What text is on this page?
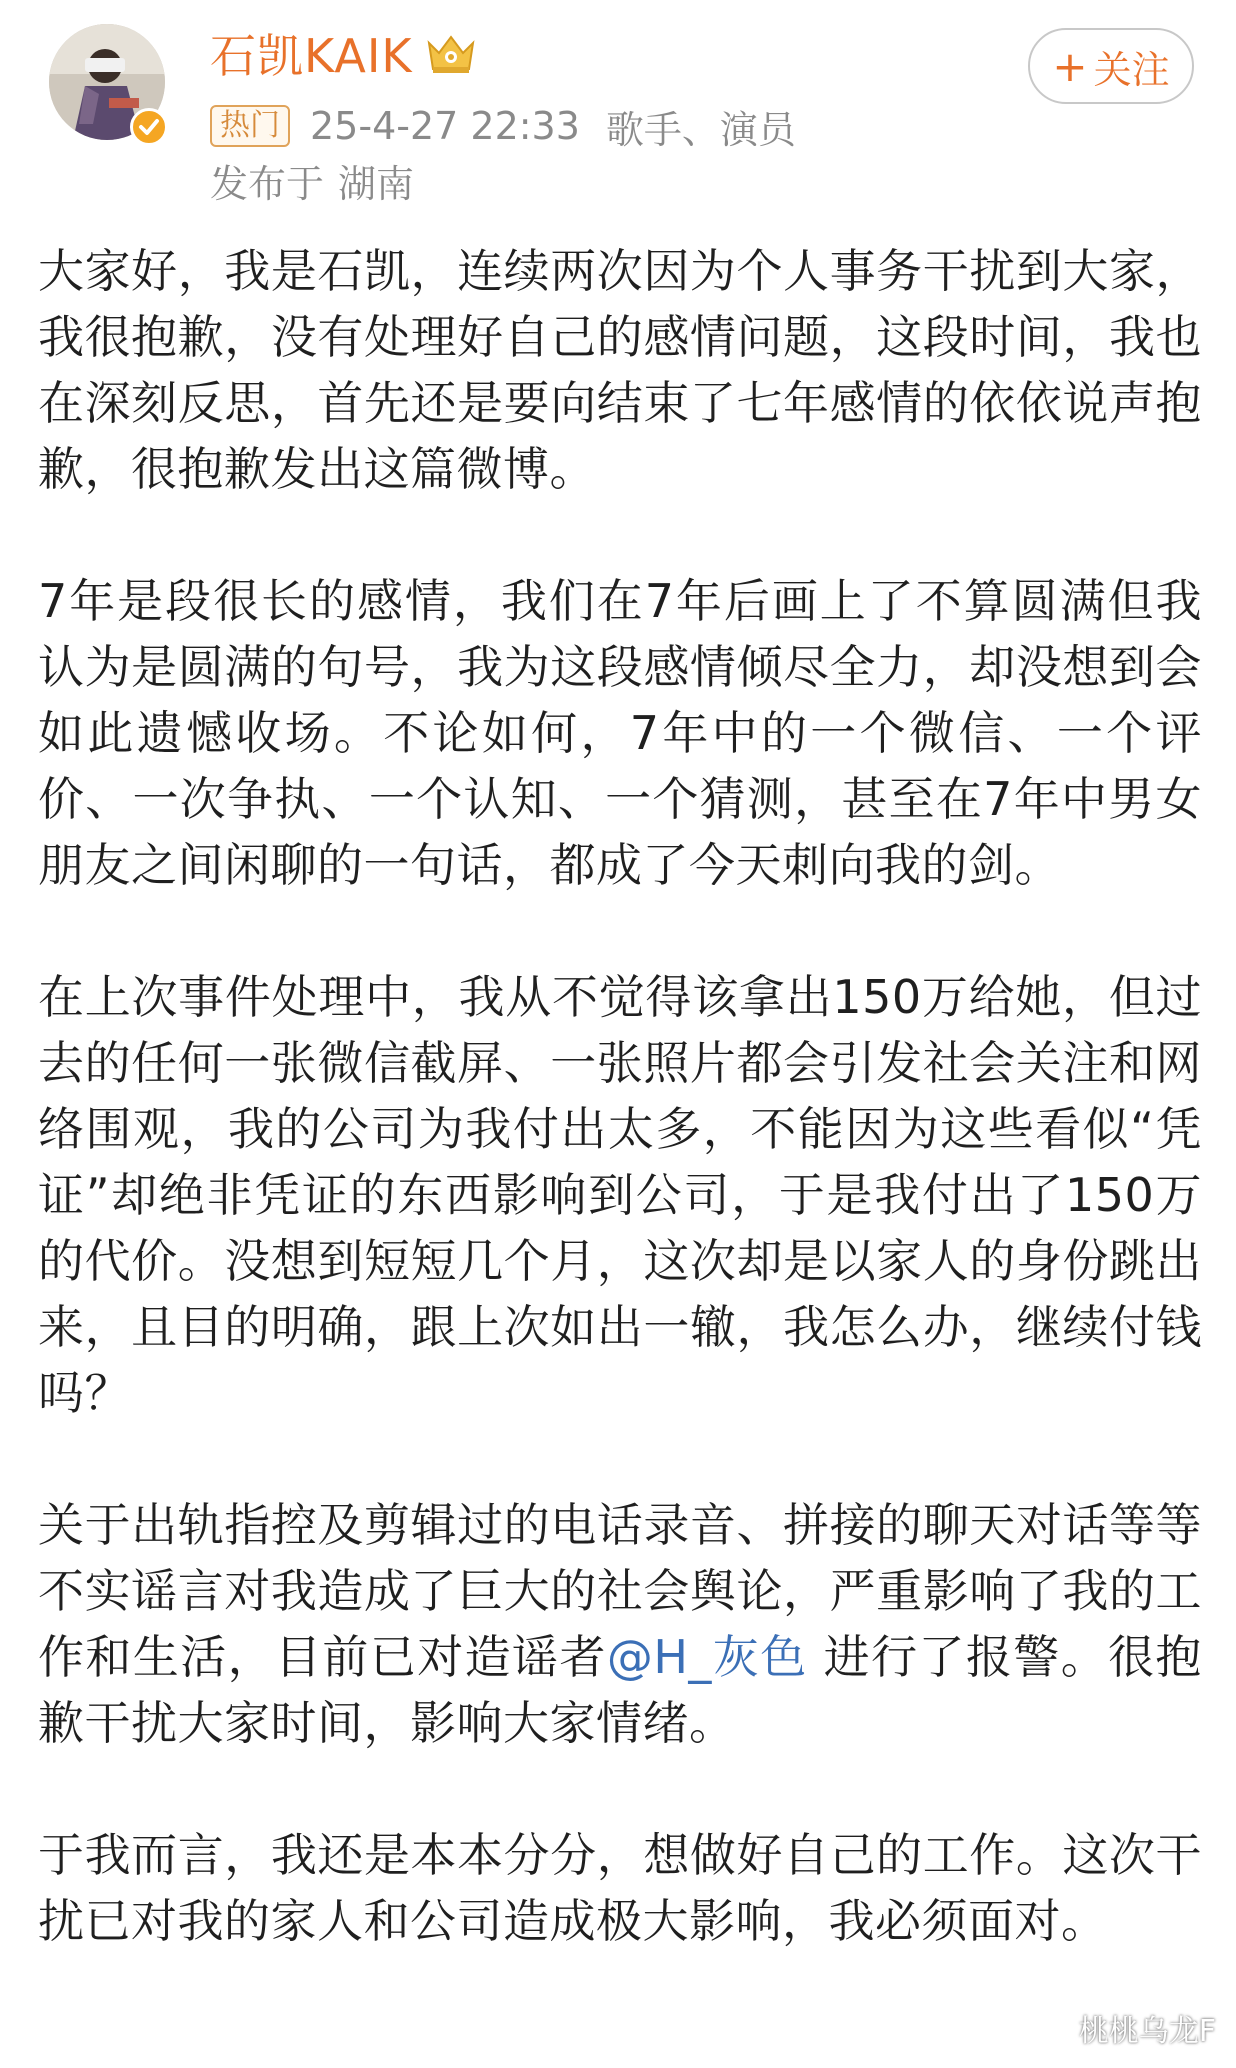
石凯KAIK
热门 25-4-27 22:33 歌手、演员
发布于 湖南
+ 关注

大家好，我是石凯，连续两次因为个人事务干扰到大家，我很抱歉，没有处理好自己的感情问题，这段时间，我也在深刻反思，首先还是要向结束了七年感情的依依说声抱歉，很抱歉发出这篇微博。

7年是段很长的感情，我们在7年后画上了不算圆满但我认为是圆满的句号，我为这段感情倾尽全力，却没想到会如此遗憾收场。不论如何，7年中的一个微信、一个评价、一次争执、一个认知、一个猜测，甚至在7年中男女朋友之间闲聊的一句话，都成了今天刺向我的剑。

在上次事件处理中，我从不觉得该拿出150万给她，但过去的任何一张微信截屏、一张照片都会引发社会关注和网络围观，我的公司为我付出太多，不能因为这些看似“凭证”却绝非凭证的东西影响到公司，于是我付出了150万的代价。没想到短短几个月，这次却是以家人的身份跳出来，且目的明确，跟上次如出一辙，我怎么办，继续付钱吗？

关于出轨指控及剪辑过的电话录音、拼接的聊天对话等等不实谣言对我造成了巨大的社会舆论，严重影响了我的工作和生活，目前已对造谣者@H_灰色 进行了报警。很抱歉干扰大家时间，影响大家情绪。

于我而言，我还是本本分分，想做好自己的工作。这次干扰已对我的家人和公司造成极大影响，我必须面对。

桃桃乌龙F
